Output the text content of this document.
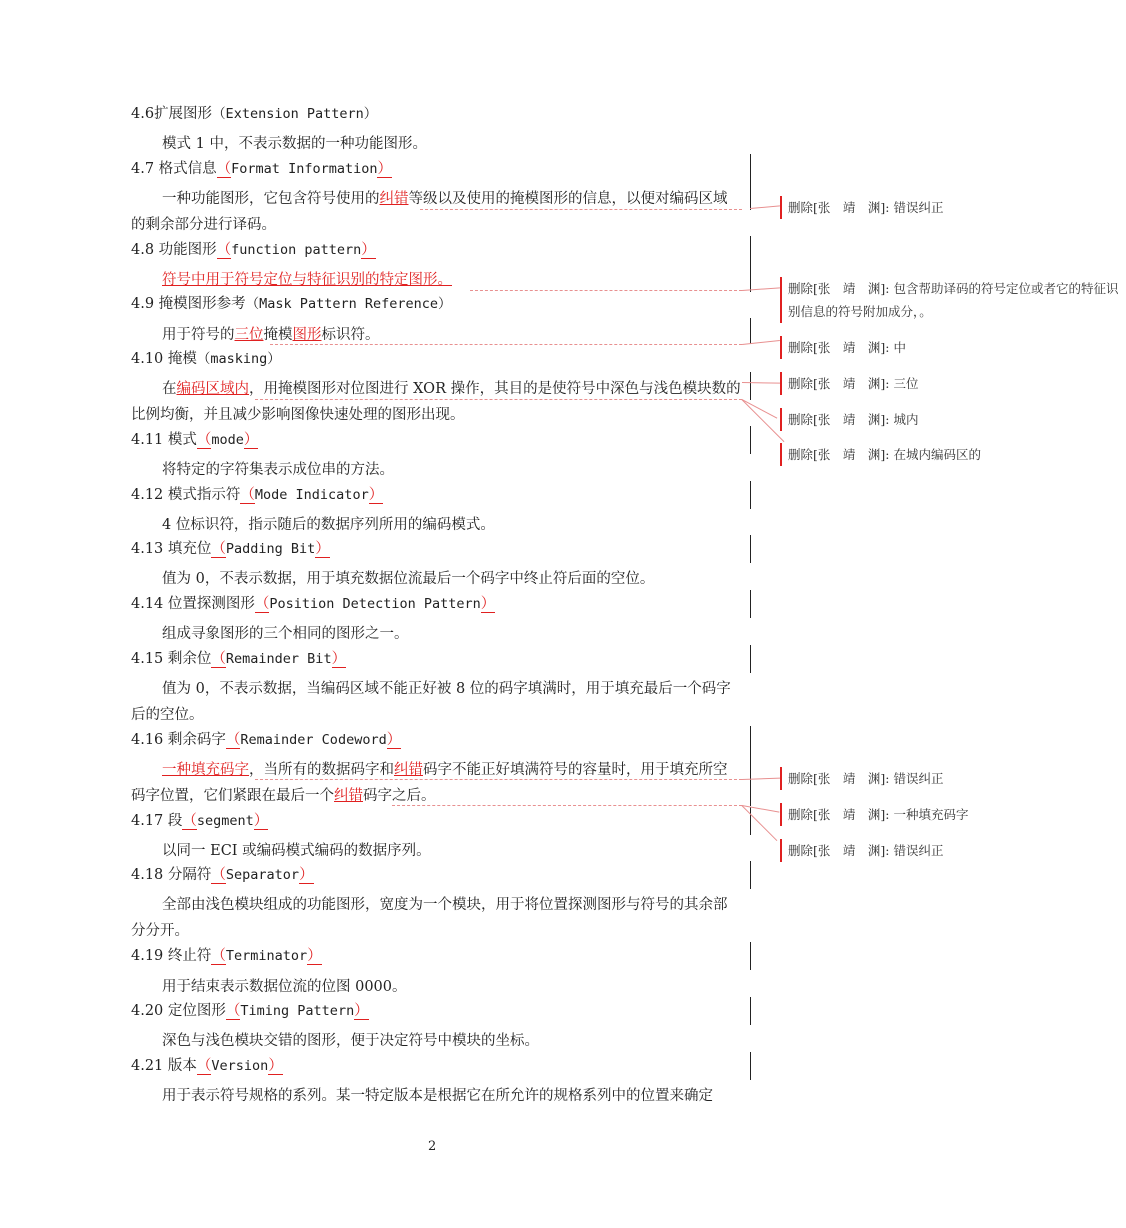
4.6扩展图形（Extension Pattern）
模式 1 中，不表示数据的一种功能图形。
4.7 格式信息（Format Information）
一种功能图形，它包含符号使用的纠错等级以及使用的掩模图形的信息，以便对编码区域的剩余部分进行译码。
4.8 功能图形（function pattern）
符号中用于符号定位与特征识别的特定图形。
4.9 掩模图形参考（Mask Pattern Reference）
用于符号的三位掩模图形标识符。
4.10 掩模（masking）
在编码区域内，用掩模图形对位图进行 XOR 操作，其目的是使符号中深色与浅色模块数的比例均衡，并且减少影响图像快速处理的图形出现。
4.11 模式（mode）
将特定的字符集表示成位串的方法。
4.12 模式指示符（Mode Indicator）
4 位标识符，指示随后的数据序列所用的编码模式。
4.13 填充位（Padding Bit）
值为 0，不表示数据，用于填充数据位流最后一个码字中终止符后面的空位。
4.14 位置探测图形（Position Detection Pattern）
组成寻象图形的三个相同的图形之一。
4.15 剩余位（Remainder Bit）
值为 0，不表示数据，当编码区域不能正好被 8 位的码字填满时，用于填充最后一个码字后的空位。
4.16 剩余码字（Remainder Codeword）
一种填充码字，当所有的数据码字和纠错码字不能正好填满符号的容量时，用于填充所空码字位置，它们紧跟在最后一个纠错码字之后。
4.17 段（segment）
以同一 ECI 或编码模式编码的数据序列。
4.18 分隔符（Separator）
全部由浅色模块组成的功能图形，宽度为一个模块，用于将位置探测图形与符号的其余部分分开。
4.19 终止符（Terminator）
用于结束表示数据位流的位图 0000。
4.20 定位图形（Timing Pattern）
深色与浅色模块交错的图形，便于决定符号中模块的坐标。
4.21 版本（Version）
用于表示符号规格的系列。某一特定版本是根据它在所允许的规格系列中的位置来确定
删除[张　靖　渊]: 错误纠正
删除[张　靖　渊]: 包含帮助译码的符号定位或者它的特征识别信息的符号附加成分，。
删除[张　靖　渊]: 中
删除[张　靖　渊]: 三位
删除[张　靖　渊]: 城内
删除[张　靖　渊]: 在城内编码区的
删除[张　靖　渊]: 错误纠正
删除[张　靖　渊]: 一种填充码字
删除[张　靖　渊]: 错误纠正
2
